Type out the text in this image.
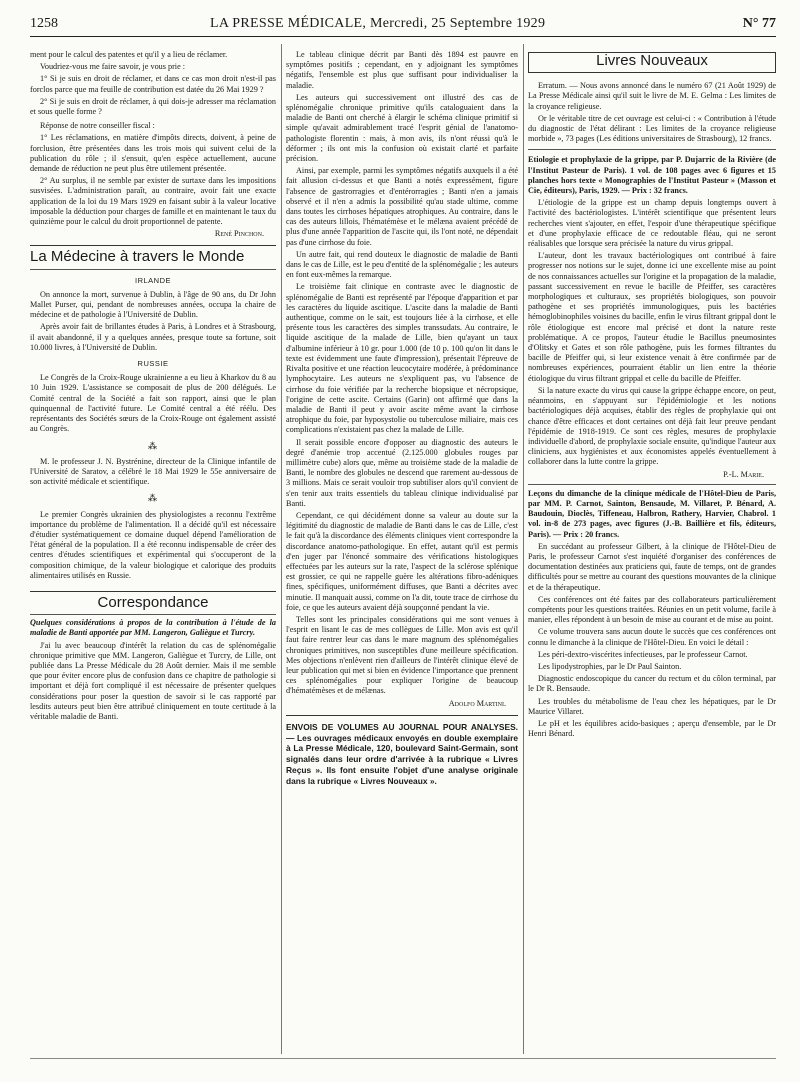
1258	LA PRESSE MÉDICALE, Mercredi, 25 Septembre 1929	N° 77

ment pour le calcul des patentes et qu'il y a lieu de réclamer.

Voudriez-vous me faire savoir, je vous prie :

1° Si je suis en droit de réclamer, et dans ce cas mon droit n'est-il pas forclos parce que ma feuille de contribution est datée du 26 Mai 1929 ?

2° Si je suis en droit de réclamer, à qui dois-je adresser ma réclamation et sous quelle forme ?

Réponse de notre conseiller fiscal :

1° Les réclamations, en matière d'impôts directs, doivent, à peine de forclusion, être présentées dans les trois mois qui suivent celui de la publication du rôle ; il s'ensuit, qu'en espèce actuellement, aucune demande de réduction ne peut plus être utilement présentée.

2° Au surplus, il ne semble par exister de surtaxe dans les impositions susvisées. L'administration paraît, au contraire, avoir fait une exacte application de la loi du 19 Mars 1929 en faisant subir à la valeur locative imposable la déduction pour charges de famille et en maintenant le taux du quinzième pour le calcul du droit proportionnel de patente.

René Pinchon.

La Médecine à travers le Monde
IRLANDE

On annonce la mort, survenue à Dublin, à l'âge de 90 ans, du Dr John Mallet Purser, qui, pendant de nombreuses années, occupa la chaire de médecine et de pathologie à l'Université de Dublin.

Après avoir fait de brillantes études à Paris, à Londres et à Strasbourg, il avait abandonné, il y a quelques années, presque toute sa fortune, soit 10.000 livres, à l'Université de Dublin.

RUSSIE

Le Congrès de la Croix-Rouge ukrainienne a eu lieu à Kharkov du 8 au 10 Juin 1929. L'assistance se composait de plus de 200 délégués. Le Comité central de la Société a fait son rapport, ainsi que le plan quinquennal de l'activité future. Le Comité central a été réélu. Des représentants des Sociétés sœurs de la Croix-Rouge ont également assisté au Congrès.

⁂

M. le professeur J. N. Bystrénine, directeur de la Clinique infantile de l'Université de Saratov, a célébré le 18 Mai 1929 le 55e anniversaire de son activité médicale et scientifique.

⁂

Le premier Congrès ukrainien des physiologistes a reconnu l'extrême importance du problème de l'alimentation. Il a décidé qu'il est nécessaire d'étudier systématiquement ce domaine duquel dépend l'amélioration de l'état général de la population. Il a été reconnu indispensable de créer des centres d'études scientifiques et expérimental qui s'occuperont de la composition chimique, de la valeur biologique et calorique des produits alimentaires utilisés en Russie.

Correspondance

Quelques considérations à propos de la contribution à l'étude de la maladie de Banti apportée par MM. Langeron, Galiègue et Turcry.

J'ai lu avec beaucoup d'intérêt la relation du cas de splénomégalie chronique primitive que MM. Langeron, Galiègue et Turcry, de Lille, ont publiée dans La Presse Médicale du 28 Août dernier. Mais il me semble que pour éviter encore plus de confusion dans ce chapitre de pathologie si important et déjà fort compliqué il est nécessaire de présenter quelques considérations pour poser la question de savoir si le cas rapporté par lesdits auteurs peut bien être attribué cliniquement en toute certitude à la véritable maladie de Banti.

Le tableau clinique décrit par Banti dès 1894 est pauvre en symptômes positifs ; cependant, en y adjoignant les symptômes négatifs, l'ensemble est plus que suffisant pour individualiser la maladie.

Les auteurs qui successivement ont illustré des cas de splénomégalie chronique primitive qu'ils cataloguaient dans la maladie de Banti ont cherché à élargir le schéma clinique primitif si simple qu'avait admirablement tracé l'esprit génial de l'anatomo-pathologiste florentin : mais, à mon avis, ils n'ont réussi qu'à le déformer ; ils ont mis la confusion où existait clarté et parfaite précision.

Ainsi, par exemple, parmi les symptômes négatifs auxquels il a été fait allusion ci-dessus et que Banti a notés expressément, figure l'absence de gastrorragies et d'entérorragies ; Banti n'en a jamais observé et il n'en a admis la possibilité qu'au stade ultime, comme dans toutes les cirrhoses hépatiques atrophiques. Au contraire, dans le cas des auteurs lillois, l'hématémèse et le mélæna avaient précédé de plus d'une année l'apparition de l'ascite qui, ils l'ont noté, ne dépendait pas d'une cirrhose du foie.

Un autre fait, qui rend douteux le diagnostic de maladie de Banti dans le cas de Lille, est le peu d'entité de la splénomégalie ; les auteurs en font eux-mêmes la remarque.

Le troisième fait clinique en contraste avec le diagnostic de splénomégalie de Banti est représenté par l'époque d'apparition et par les caractères du liquide ascitique. L'ascite dans la maladie de Banti authentique, comme on le sait, est toujours liée à la cirrhose, et elle présente tous les caractères des simples transsudats. Au contraire, le liquide ascitique de la malade de Lille, bien qu'ayant un taux d'albumine inférieur à 10 gr. pour 1.000 (de 10 p. 100 qu'on lit dans le texte est évidemment une faute d'impression), présentait l'épreuve de Rivalta positive et une réaction leucocytaire modérée, à prédominance lymphocytaire. Les auteurs ne s'expliquent pas, vu l'absence de cirrhose du foie vérifiée par la recherche biopsique et nécropsique, l'origine de cette ascite. Certains (Garin) ont affirmé que dans la maladie de Banti il peut y avoir ascite même avant la cirrhose atrophique du foie, par hyposystolie ou tuberculose miliaire, mais ces complications n'existaient pas chez la malade de Lille.

Il serait possible encore d'opposer au diagnostic des auteurs le degré d'anémie trop accentué (2.125.000 globules rouges par millimètre cube) alors que, même au troisième stade de la maladie de Banti, le nombre des globules ne descend que rarement au-dessous de 3 millions. Mais ce serait vouloir trop subtiliser alors qu'il convient de s'en tenir aux traits essentiels du tableau clinique individualisé par Banti.

Cependant, ce qui décidément donne sa valeur au doute sur la légitimité du diagnostic de maladie de Banti dans le cas de Lille, c'est le fait qu'à la discordance des éléments cliniques vient correspondre la discordance anatomo-pathologique. En effet, autant qu'il est permis d'en juger par l'énoncé sommaire des vérifications histologiques effectuées par les auteurs sur la rate, l'aspect de la sclérose splénique est grossier, ce qui ne rappelle guère les altérations fibro-adéniques fines, spécifiques, uniformément diffuses, que Banti a décrites avec minutie. Il manquait aussi, comme on l'a dit, toute trace de cirrhose du foie, ce que les auteurs avaient déjà soupçonné pendant la vie.

Telles sont les principales considérations qui me sont venues à l'esprit en lisant le cas de mes collègues de Lille. Mon avis est qu'il faut faire rentrer leur cas dans le mare magnum des splénomégalies chroniques primitives, non susceptibles d'une meilleure spécification. Mes objections n'enlèvent rien d'ailleurs de l'intérêt clinique élevé de leur publication qui met si bien en évidence l'importance que prennent ces splénomégalies pour expliquer l'origine de beaucoup d'hématémèses et de mélænas.

Adolfo Martini.

ENVOIS DE VOLUMES AU JOURNAL POUR ANALYSES. — Les ouvrages médicaux envoyés en double exemplaire à La Presse Médicale, 120, boulevard Saint-Germain, sont signalés dans leur ordre d'arrivée à la rubrique « Livres Reçus ». Ils font ensuite l'objet d'une analyse originale dans la rubrique « Livres Nouveaux ».
Livres Nouveaux

Erratum. — Nous avons annoncé dans le numéro 67 (21 Août 1929) de La Presse Médicale ainsi qu'il suit le livre de M. E. Gelma : Les limites de la croyance religieuse.

Or le véritable titre de cet ouvrage est celui-ci : « Contribution à l'étude du diagnostic de l'état délirant : Les limites de la croyance religieuse morbide », 73 pages (Les éditions universitaires de Strasbourg), 12 francs.

Etiologie et prophylaxie de la grippe, par P. Dujarric de la Rivière (de l'Institut Pasteur de Paris). 1 vol. de 108 pages avec 6 figures et 15 planches hors texte « Monographies de l'Institut Pasteur » (Masson et Cie, éditeurs), Paris, 1929. — Prix : 32 francs.

L'étiologie de la grippe est un champ depuis longtemps ouvert à l'activité des bactériologistes. L'intérêt scientifique que présentent leurs recherches vient s'ajouter, en effet, l'espoir d'une thérapeutique spécifique et d'une prophylaxie efficace de ce redoutable fléau, qui ne seront réalisables que lorsque sera précisée la nature du virus grippal.

L'auteur, dont les travaux bactériologiques ont contribué à faire progresser nos notions sur le sujet, donne ici une excellente mise au point de nos connaissances actuelles sur l'origine et la propagation de la maladie, passant successivement en revue le bacille de Pfeiffer, ses caractères morphologiques et culturaux, ses propriétés biologiques, son pouvoir pathogène et ses propriétés immunologiques, puis les bactéries hémoglobinophiles voisines du bacille, enfin le virus filtrant grippal dont le rôle étiologique est encore mal précisé et dont la nature reste problématique. A ce propos, l'auteur étudie le Bacillus pneumosintes d'Olitsky et Gates et son rôle pathogène, puis les formes filtrantes du bacille de Pfeiffer qui, si leur existence venait à être confirmée par de nombreuses expériences, pourraient établir un lien entre la théorie étiologique du virus filtrant grippal et celle du bacille de Pfeiffer.

Si la nature exacte du virus qui cause la grippe échappe encore, on peut, néanmoins, en s'appuyant sur l'épidémiologie et les notions bactériologiques déjà acquises, établir des règles de prophylaxie qui ont chance d'être efficaces et dont certaines ont déjà fait leur preuve pendant l'épidémie de 1918-1919. Ce sont ces règles, mesures de prophylaxie individuelle d'abord, de prophylaxie sociale ensuite, qu'indique l'auteur aux cliniciens, aux hygiénistes et aux économistes appelés éventuellement à collaborer dans la lutte contre la grippe.

P.-L. Marie.

Leçons du dimanche de la clinique médicale de l'Hôtel-Dieu de Paris, par MM. P. Carnot, Sainton, Bensaude, M. Villaret, P. Bénard, A. Baudouin, Dioclès, Tiffeneau, Halbron, Rathery, Harvier, Chabrol. 1 vol. in-8 de 273 pages, avec figures (J.-B. Baillière et fils, éditeurs, Paris). — Prix : 20 francs.

En succédant au professeur Gilbert, à la clinique de l'Hôtel-Dieu de Paris, le professeur Carnot s'est inquiété d'organiser des conférences de documentation destinées aux praticiens qui, faute de temps, ont de grandes difficultés pour se mettre au courant des questions mouvantes de la clinique et de la thérapeutique.

Ces conférences ont été faites par des collaborateurs particulièrement compétents pour les questions traitées. Réunies en un petit volume, facile à manier, elles répondent à un besoin de mise au courant et de mise au point.

Ce volume trouvera sans aucun doute le succès que ces conférences ont connu le dimanche à la clinique de l'Hôtel-Dieu. En voici le détail :

Les péri-dextro-viscérites infectieuses, par le professeur Carnot.

Les lipodystrophies, par le Dr Paul Sainton.

Diagnostic endoscopique du cancer du rectum et du côlon terminal, par le Dr R. Bensaude.

Les troubles du métabolisme de l'eau chez les hépatiques, par le Dr Maurice Villaret.

Le pH et les équilibres acido-basiques ; aperçu d'ensemble, par le Dr Henri Bénard.
